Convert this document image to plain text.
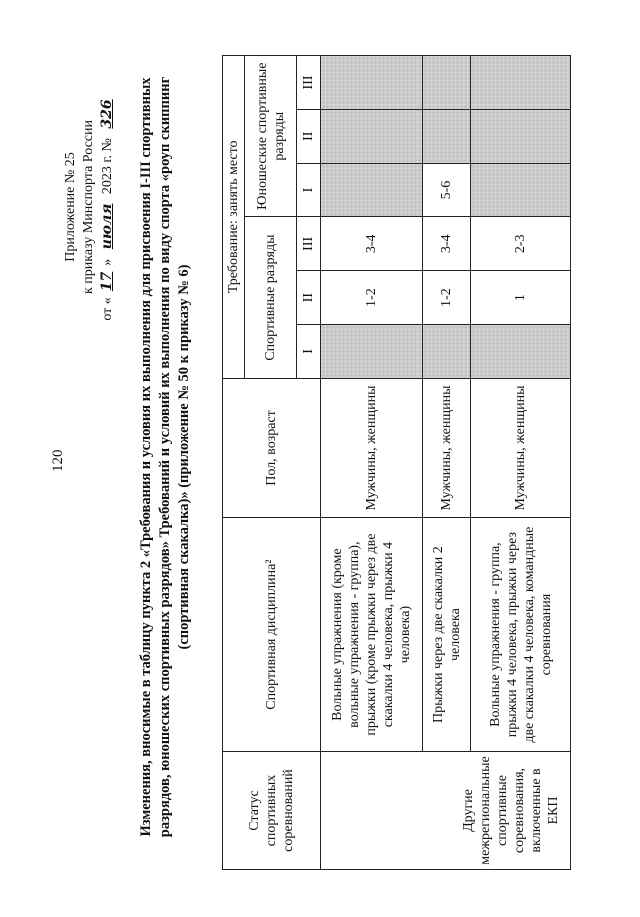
120
Приложение № 25 к приказу Минспорта России
от «17» июля 2023 г. № 326 Изменения, вносимые в таблицу пункта 2 «Требования и условия их выполнения для присвоения I-III спортивных разрядов, юношеских спортивных разрядов» Требований и условий их выполнения по виду спорта «роуп скиппинг (спортивная скакалка)» (приложение № 50 к приказу № 6)
Статус спортивных соревнований	Спортивная дисциплина²	Пол, возраст	Требование: занять место					
			Спортивные разряды			Юношеские спортивные разряды		
			I	II	III	I	II	III
Другие межрегиональные спортивные соревнования, включенные в ЕКП	Вольные упражнения (кроме вольные упражнения - группа), прыжки (кроме прыжки через две скакалки 4 человека, прыжки 4 человека)	Мужчины, женщины		1-2	3-4			
	Прыжки через две скакалки 2 человека	Мужчины, женщины		1-2	3-4	5-6		
	Вольные упражнения - группа, прыжки 4 человека, прыжки через две скакалки 4 человека, командные соревнования	Мужчины, женщины		1	2-3			
